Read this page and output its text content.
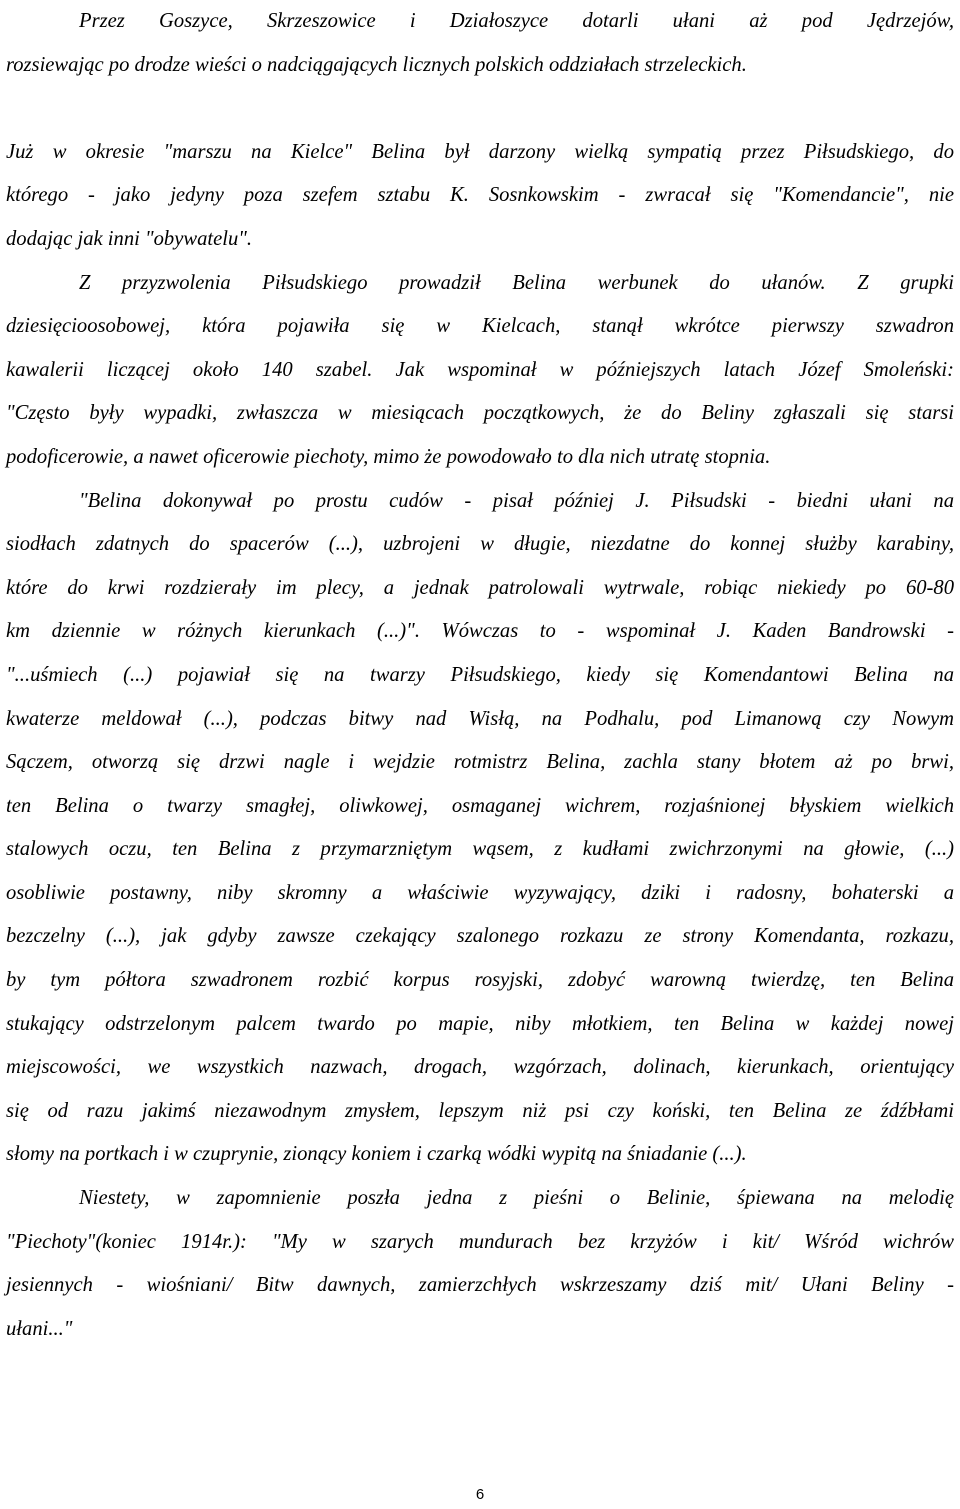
Przez Goszyce, Skrzeszowice i Działoszyce dotarli ułani aż pod Jędrzejów,
rozsiewając po drodze wieści o nadciągających licznych polskich oddziałach strzeleckich.
Już w okresie "marszu na Kielce" Belina był darzony wielką sympatią przez Piłsudskiego, do
którego - jako jedyny poza szefem sztabu K. Sosnkowskim - zwracał się "Komendancie", nie
dodając jak inni "obywatelu".
Z przyzwolenia Piłsudskiego prowadził Belina werbunek do ułanów. Z grupki
dziesięcioosobowej, która pojawiła się w Kielcach, stanął wkrótce pierwszy szwadron
kawalerii liczącej około 140 szabel. Jak wspominał w późniejszych latach Józef Smoleński:
"Często były wypadki, zwłaszcza w miesiącach początkowych, że do Beliny zgłaszali się starsi
podoficerowie, a nawet oficerowie piechoty, mimo że powodowało to dla nich utratę stopnia.
"Belina dokonywał po prostu cudów - pisał później J. Piłsudski - biedni ułani na
siodłach zdatnych do spacerów (...), uzbrojeni w długie, niezdatne do konnej służby karabiny,
które do krwi rozdzierały im plecy, a jednak patrolowali wytrwale, robiąc niekiedy po 60-80
km dziennie w różnych kierunkach (...)". Wówczas to - wspominał J. Kaden Bandrowski -
"...uśmiech (...) pojawiał się na twarzy Piłsudskiego, kiedy się Komendantowi Belina na
kwaterze meldował (...), podczas bitwy nad Wisłą, na Podhalu, pod Limanową czy Nowym
Sączem, otworzą się drzwi nagle i wejdzie rotmistrz Belina, zachla stany błotem aż po brwi,
ten Belina o twarzy smagłej, oliwkowej, osmaganej wichrem, rozjaśnionej błyskiem wielkich
stalowych oczu, ten Belina z przymarzniętym wąsem, z kudłami zwichrzonymi na głowie, (...)
osobliwie postawny, niby skromny a właściwie wyzywający, dziki i radosny, bohaterski a
bezczelny (...), jak gdyby zawsze czekający szalonego rozkazu ze strony Komendanta, rozkazu,
by tym półtora szwadronem rozbić korpus rosyjski, zdobyć warowną twierdzę, ten Belina
stukający odstrzelonym palcem twardo po mapie, niby młotkiem, ten Belina w każdej nowej
miejscowości, we wszystkich nazwach, drogach, wzgórzach, dolinach, kierunkach, orientujący
się od razu jakimś niezawodnym zmysłem, lepszym niż psi czy koński, ten Belina ze źdźbłami
słomy na portkach i w czuprynie, zionący koniem i czarką wódki wypitą na śniadanie (...).
Niestety, w zapomnienie poszła jedna z pieśni o Belinie, śpiewana na melodię
"Piechoty"(koniec 1914r.): "My w szarych mundurach bez krzyżów i kit/ Wśród wichrów
jesiennych - wiośniani/ Bitw dawnych, zamierzchłych wskrzeszamy dziś mit/ Ułani Beliny -
ułani..."
6
